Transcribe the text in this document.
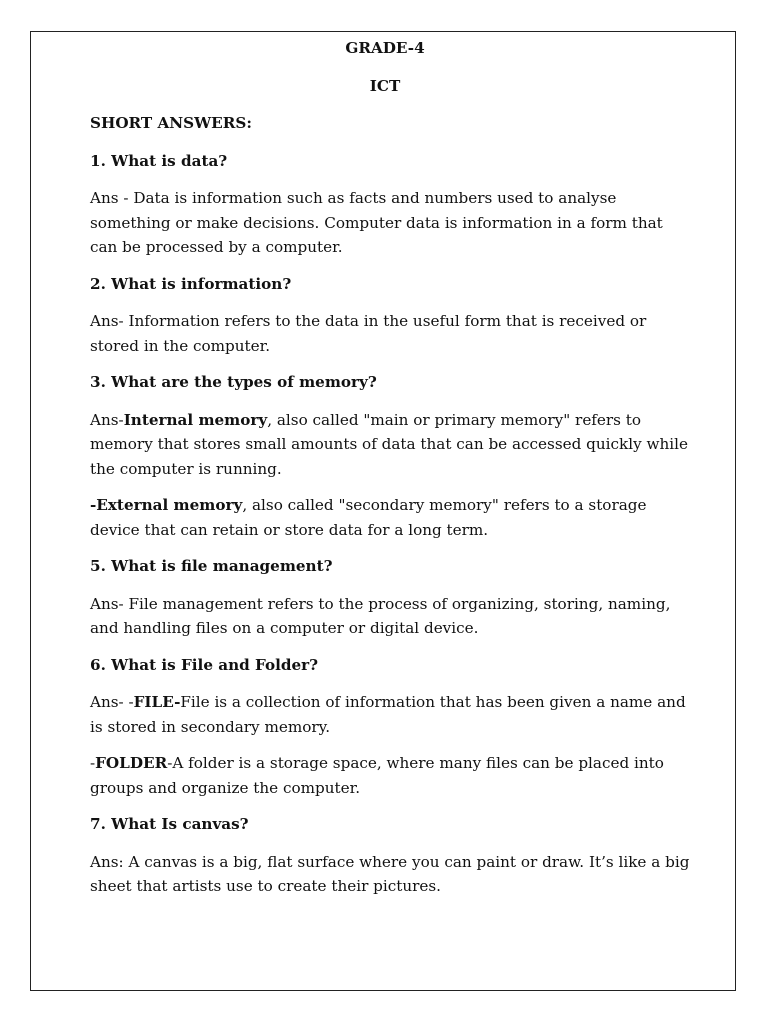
GRADE-4
ICT
SHORT ANSWERS:
1. What is data?
Ans - Data is information such as facts and numbers used to analyse something or make decisions. Computer data is information in a form that can be processed by a computer.
2. What is information?
Ans- Information refers to the data in the useful form that is received or stored in the computer.
3. What are the types of memory?
Ans-Internal memory, also called "main or primary memory" refers to memory that stores small amounts of data that can be accessed quickly while the computer is running.
-External memory, also called "secondary memory" refers to a storage device that can retain or store data for a long term.
5. What is file management?
Ans- File management refers to the process of organizing, storing, naming, and handling files on a computer or digital device.
6. What is File and Folder?
Ans- -FILE-File is a collection of information that has been given a name and is stored in secondary memory.
-FOLDER-A folder is a storage space, where many files can be placed into groups and organize the computer.
7. What Is canvas?
Ans: A canvas is a big, flat surface where you can paint or draw. It’s like a big sheet that artists use to create their pictures.
